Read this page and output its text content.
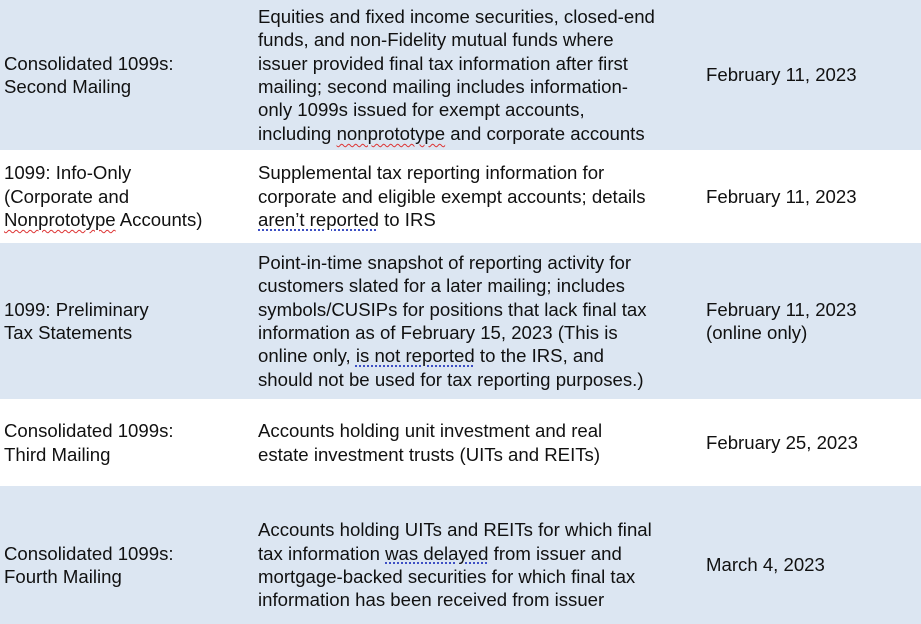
Consolidated 1099s:
Second Mailing
Equities and fixed income securities, closed-end
funds, and non-Fidelity mutual funds where
issuer provided final tax information after first
mailing; second mailing includes information-
only 1099s issued for exempt accounts,
including nonprototype and corporate accounts
February 11, 2023
1099: Info-Only
(Corporate and
Nonprototype Accounts)
Supplemental tax reporting information for
corporate and eligible exempt accounts; details
aren’t reported to IRS
February 11, 2023
1099: Preliminary
Tax Statements
Point-in-time snapshot of reporting activity for
customers slated for a later mailing; includes
symbols/CUSIPs for positions that lack final tax
information as of February 15, 2023 (This is
online only, is not reported to the IRS, and
should not be used for tax reporting purposes.)
February 11, 2023
(online only)
Consolidated 1099s:
Third Mailing
Accounts holding unit investment and real
estate investment trusts (UITs and REITs)
February 25, 2023
Consolidated 1099s:
Fourth Mailing
Accounts holding UITs and REITs for which final
tax information was delayed from issuer and
mortgage-backed securities for which final tax
information has been received from issuer
March 4, 2023
